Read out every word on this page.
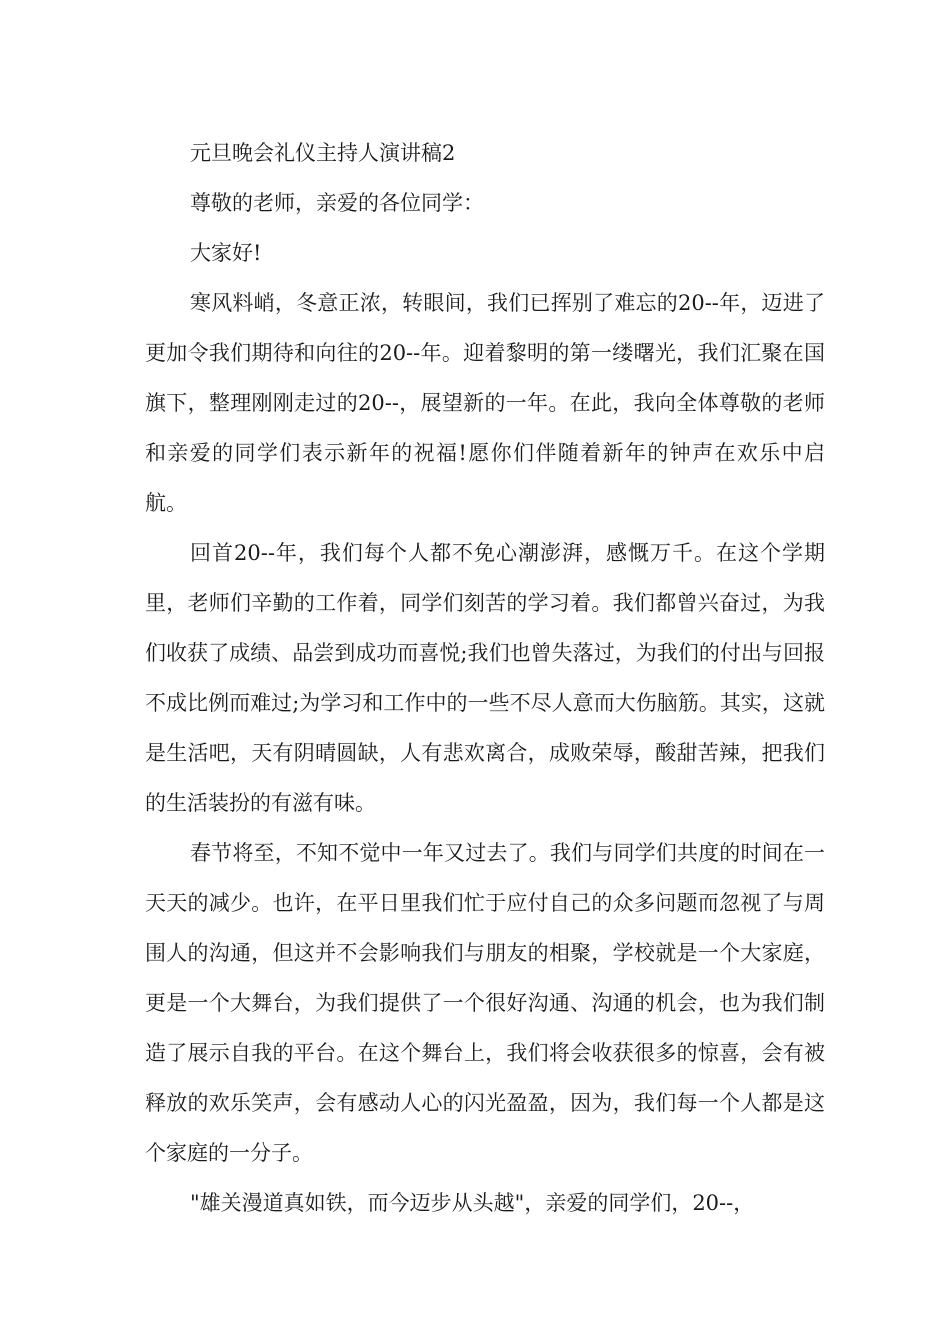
元旦晚会礼仪主持人演讲稿2

尊敬的老师，亲爱的各位同学：

大家好!

寒风料峭，冬意正浓，转眼间，我们已挥别了难忘的20--年，迈进了更加令我们期待和向往的20--年。迎着黎明的第一缕曙光，我们汇聚在国旗下，整理刚刚走过的20--，展望新的一年。在此，我向全体尊敬的老师和亲爱的同学们表示新年的祝福!愿你们伴随着新年的钟声在欢乐中启航。

回首20--年，我们每个人都不免心潮澎湃，感慨万千。在这个学期里，老师们辛勤的工作着，同学们刻苦的学习着。我们都曾兴奋过，为我们收获了成绩、品尝到成功而喜悦;我们也曾失落过，为我们的付出与回报不成比例而难过;为学习和工作中的一些不尽人意而大伤脑筋。其实，这就是生活吧，天有阴晴圆缺，人有悲欢离合，成败荣辱，酸甜苦辣，把我们的生活装扮的有滋有味。

春节将至，不知不觉中一年又过去了。我们与同学们共度的时间在一天天的减少。也许，在平日里我们忙于应付自己的众多问题而忽视了与周围人的沟通，但这并不会影响我们与朋友的相聚，学校就是一个大家庭，更是一个大舞台，为我们提供了一个很好沟通、沟通的机会，也为我们制造了展示自我的平台。在这个舞台上，我们将会收获很多的惊喜，会有被释放的欢乐笑声，会有感动人心的闪光盈盈，因为，我们每一个人都是这个家庭的一分子。

"雄关漫道真如铁，而今迈步从头越"，亲爱的同学们，20--，
